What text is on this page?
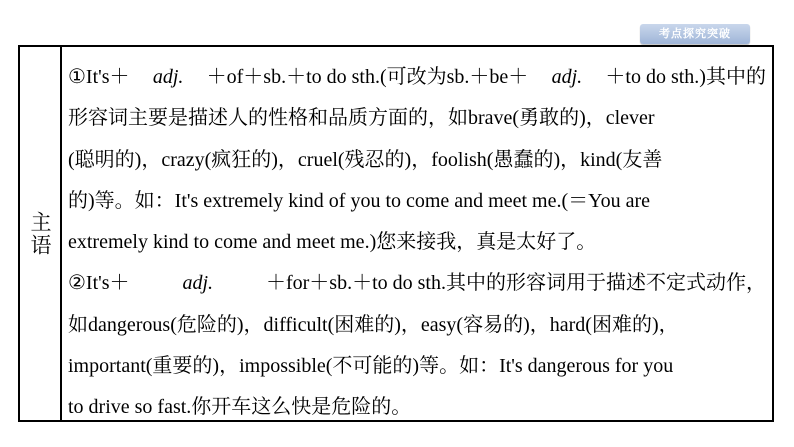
考点探究突破
主语
①It's＋ adj. ＋of＋sb.＋to do sth.(可改为sb.＋be＋ adj. ＋to do sth.)其中的
形容词主要是描述人的性格和品质方面的，如brave(勇敢的)，clever
(聪明的)，crazy(疯狂的)，cruel(残忍的)，foolish(愚蠢的)，kind(友善
的)等。如：It's extremely kind of you to come and meet me.(＝You are
extremely kind to come and meet me.)您来接我，真是太好了。
②It's＋	adj.	＋for＋sb.＋to do sth.其中的形容词用于描述不定式动作，
如dangerous(危险的)，difficult(困难的)，easy(容易的)，hard(困难的)，
important(重要的)，impossible(不可能的)等。如：It's dangerous for you
to drive so fast.你开车这么快是危险的。
